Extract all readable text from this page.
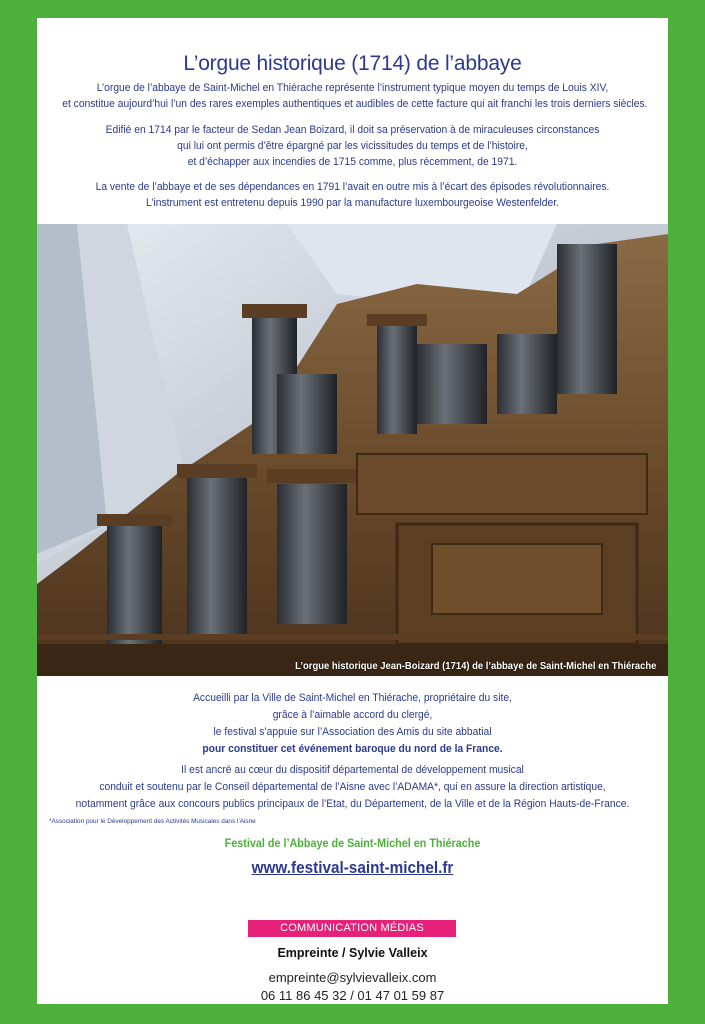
L’orgue historique (1714) de l’abbaye
L’orgue de l’abbaye de Saint-Michel en Thiérache représente l’instrument typique moyen du temps de Louis XIV,
et constitue aujourd’hui l’un des rares exemples authentiques et audibles de cette facture qui ait franchi les trois derniers siècles.
Edifié en 1714 par le facteur de Sedan Jean Boizard, il doit sa préservation à de miraculeuses circonstances
qui lui ont permis d’être épargné par les vicissitudes du temps et de l’histoire,
et d’échapper aux incendies de 1715 comme, plus récemment, de 1971.
La vente de l’abbaye et de ses dépendances en 1791 l’avait en outre mis à l’écart des épisodes révolutionnaires.
L’instrument est entretenu depuis 1990 par la manufacture luxembourgeoise Westenfelder.
L’orgue historique Jean-Boizard (1714) de l’abbaye de Saint-Michel en Thiérache
Accueilli par la Ville de Saint-Michel en Thiérache, propriétaire du site,
grâce à l’aimable accord du clergé,
le festival s’appuie sur l’Association des Amis du site abbatial
pour constituer cet événement baroque du nord de la France.
Il est ancré au cœur du dispositif départemental de développement musical
conduit et soutenu par le Conseil départemental de l’Aisne avec l’ADAMA*, qui en assure la direction artistique,
notamment grâce aux concours publics principaux de l’Etat, du Département, de la Ville et de la Région Hauts-de-France.
*Association pour le Développement des Activités Musicales dans l’Aisne
Festival de l’Abbaye de Saint-Michel en Thiérache
www.festival-saint-michel.fr
COMMUNICATION MÉDIAS
Empreinte / Sylvie Valleix
empreinte@sylvievalleix.com
06 11 86 45 32 / 01 47 01 59 87
